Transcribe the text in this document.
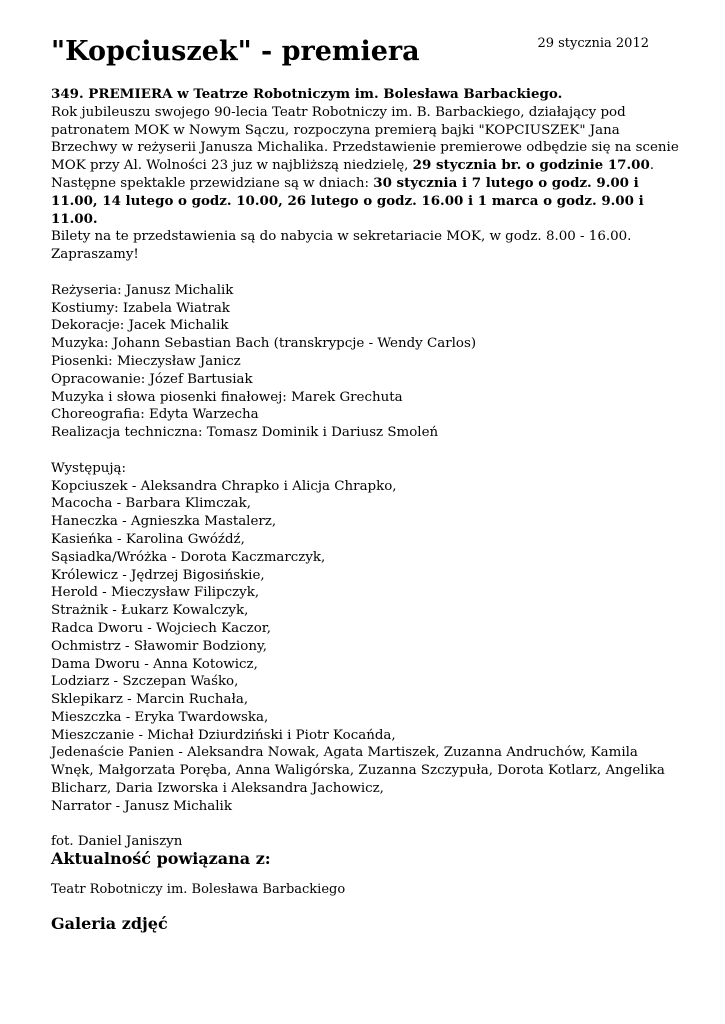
29 stycznia 2012
"Kopciuszek" - premiera

349. PREMIERA w Teatrze Robotniczym im. Bolesława Barbackiego.

Rok jubileuszu swojego 90-lecia Teatr Robotniczy im. B. Barbackiego, działający pod patronatem MOK w Nowym Sączu, rozpoczyna premierą bajki "KOPCIUSZEK" Jana Brzechwy w reżyserii Janusza Michalika. Przedstawienie premierowe odbędzie się na scenie MOK przy Al. Wolności 23 juz w najbliższą niedzielę, 29 stycznia br. o godzinie 17.00. Następne spektakle przewidziane są w dniach: 30 stycznia i 7 lutego o godz. 9.00 i 11.00, 14 lutego o godz. 10.00, 26 lutego o godz. 16.00 i 1 marca o godz. 9.00 i 11.00.

Bilety na te przedstawienia są do nabycia w sekretariacie MOK, w godz. 8.00 - 16.00.

Zapraszamy!

Reżyseria: Janusz Michalik

Kostiumy: Izabela Wiatrak

Dekoracje: Jacek Michalik

Muzyka: Johann Sebastian Bach (transkrypcje - Wendy Carlos)

Piosenki: Mieczysław Janicz

Opracowanie: Józef Bartusiak

Muzyka i słowa piosenki finałowej: Marek Grechuta

Choreografia: Edyta Warzecha

Realizacja techniczna: Tomasz Dominik i Dariusz Smoleń

Występują:

Kopciuszek - Aleksandra Chrapko i Alicja Chrapko,

Macocha - Barbara Klimczak,

Haneczka - Agnieszka Mastalerz,

Kasieńka - Karolina Gwóźdź,

Sąsiadka/Wróżka - Dorota Kaczmarczyk,

Królewicz - Jędrzej Bigosińskie,

Herold - Mieczysław Filipczyk,

Strażnik - Łukarz Kowalczyk,

Radca Dworu - Wojciech Kaczor,

Ochmistrz - Sławomir Bodziony,

Dama Dworu - Anna Kotowicz,

Lodziarz - Szczepan Waśko,

Sklepikarz - Marcin Ruchała,

Mieszczka - Eryka Twardowska,

Mieszczanie - Michał Dziurdziński i Piotr Kocańda,

Jedenaście Panien - Aleksandra Nowak, Agata Martiszek, Zuzanna Andruchów, Kamila Wnęk, Małgorzata Poręba, Anna Waligórska, Zuzanna Szczypuła, Dorota Kotlarz, Angelika Blicharz, Daria Izworska i Aleksandra Jachowicz,

Narrator - Janusz Michalik

fot. Daniel Janiszyn

Aktualność powiązana z:
Teatr Robotniczy im. Bolesława Barbackiego
Galeria zdjęć
